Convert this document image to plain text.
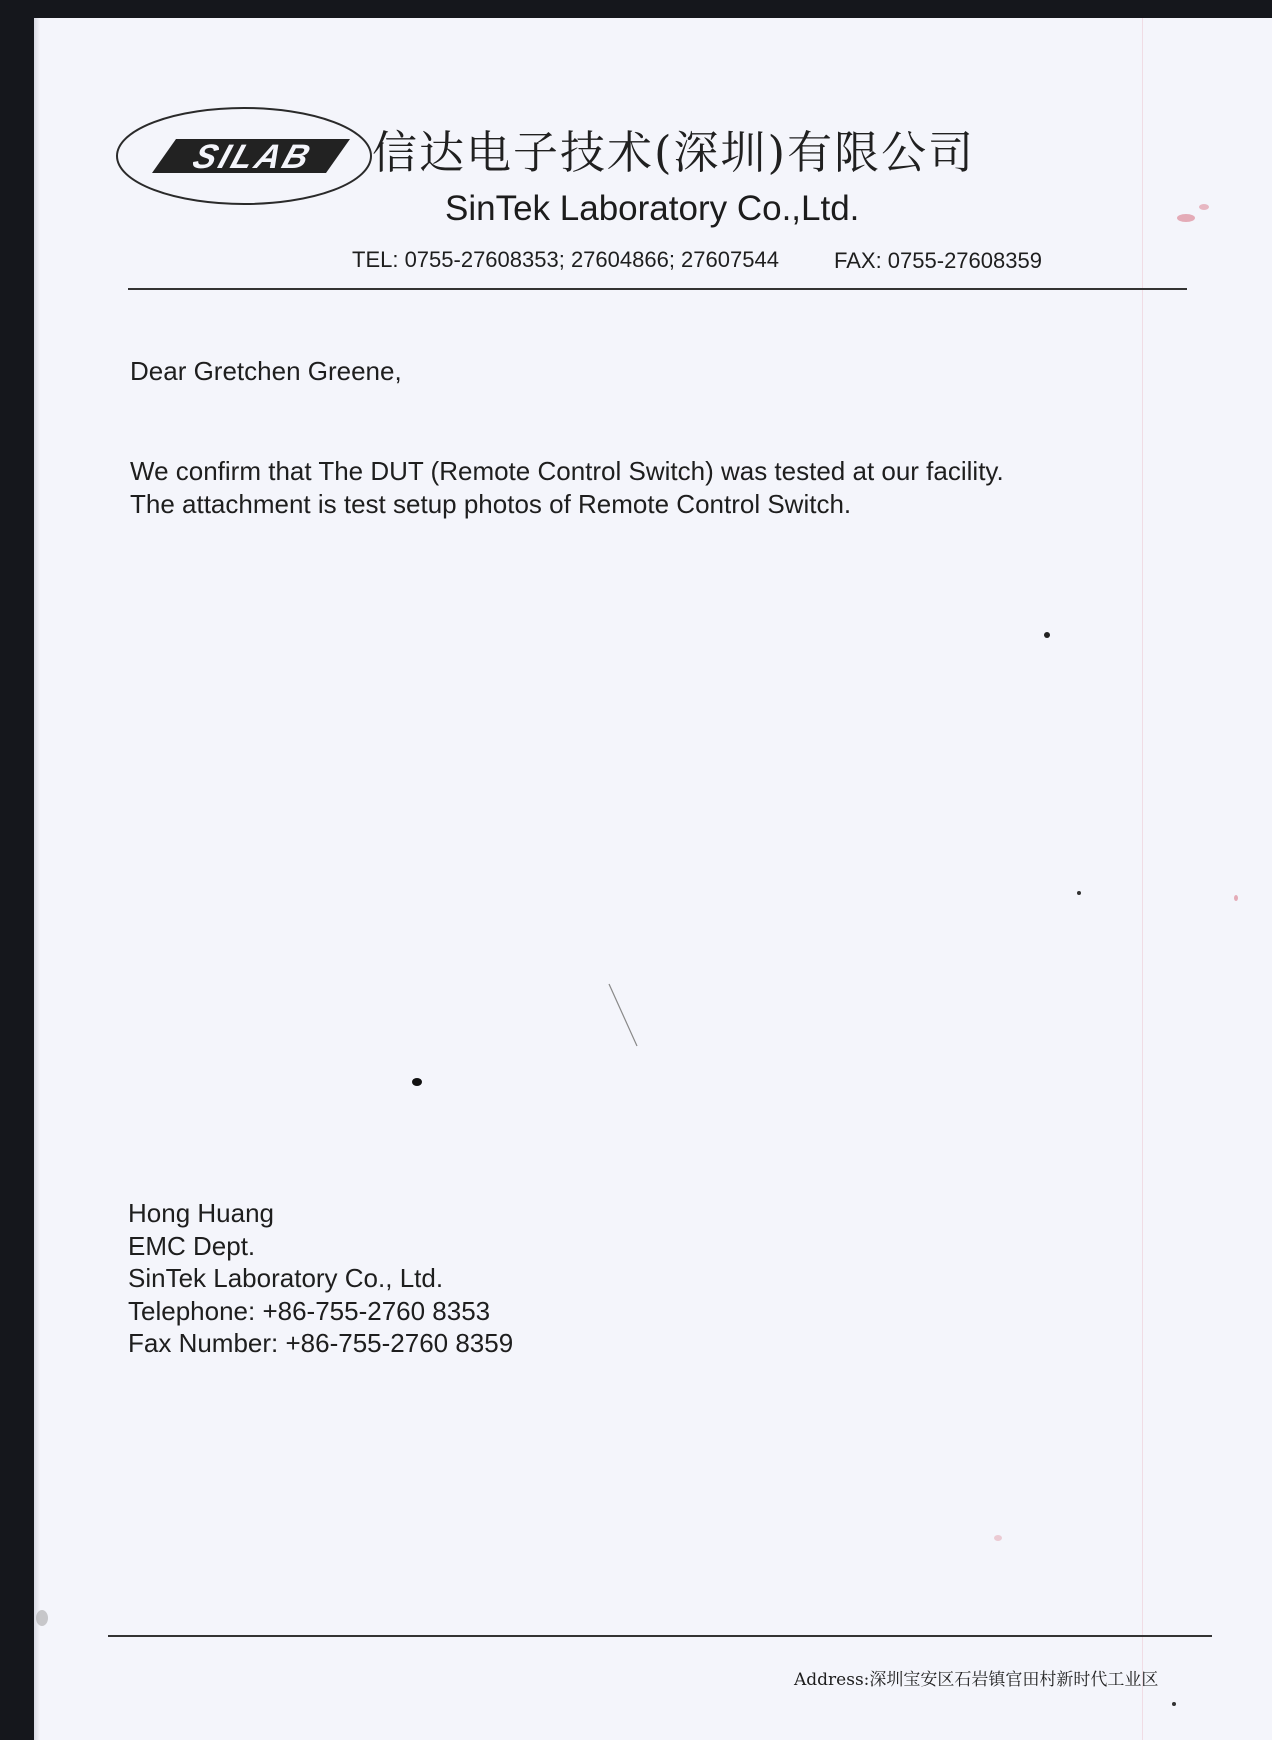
SILAB 信达电子技术(深圳)有限公司
SinTek Laboratory Co.,Ltd.
TEL: 0755-27608353; 27604866; 27607544	FAX: 0755-27608359
Dear Gretchen Greene,
We confirm that The DUT (Remote Control Switch) was tested at our facility.
The attachment is test setup photos of Remote Control Switch.
Hong Huang
EMC Dept.
SinTek Laboratory Co., Ltd.
Telephone: +86-755-2760 8353
Fax Number: +86-755-2760 8359
Address:深圳宝安区石岩镇官田村新时代工业区
